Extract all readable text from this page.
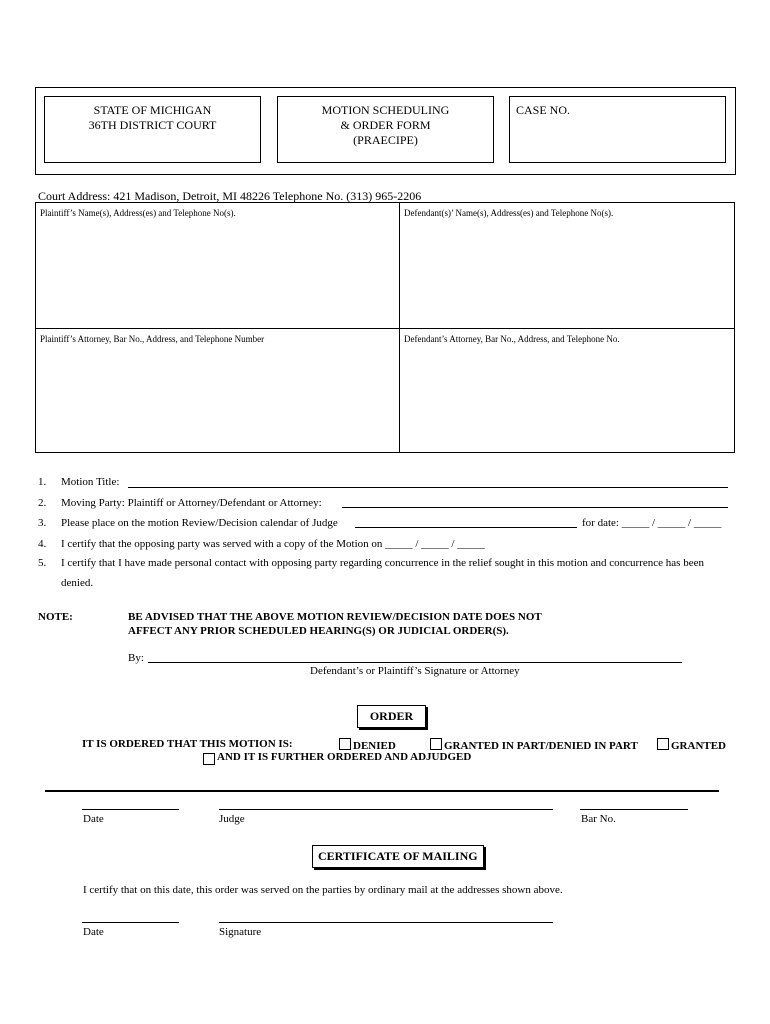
STATE OF MICHIGAN
36TH DISTRICT COURT
MOTION SCHEDULING
& ORDER FORM
(PRAECIPE)
CASE NO.
Court Address: 421 Madison, Detroit, MI 48226 Telephone No. (313) 965-2206
Plaintiff’s Name(s), Address(es) and Telephone No(s).	Defendant(s)’ Name(s), Address(es) and Telephone No(s).
Plaintiff’s Attorney, Bar No., Address, and Telephone Number	Defendant’s Attorney, Bar No., Address, and Telephone No.
1. Motion Title:
2. Moving Party: Plaintiff or Attorney/Defendant or Attorney:
3. Please place on the motion Review/Decision calendar of Judge	for date: _____ / _____ / _____
4. I certify that the opposing party was served with a copy of the Motion on _____ / _____ / _____
5. I certify that I have made personal contact with opposing party regarding concurrence in the relief sought in this motion and concurrence has been
denied.
NOTE:	BE ADVISED THAT THE ABOVE MOTION REVIEW/DECISION DATE DOES NOT
AFFECT ANY PRIOR SCHEDULED HEARING(S) OR JUDICIAL ORDER(S).
By:
Defendant’s or Plaintiff’s Signature or Attorney
ORDER
IT IS ORDERED THAT THIS MOTION IS:	DENIED	GRANTED IN PART/DENIED IN PART	GRANTED
AND IT IS FURTHER ORDERED AND ADJUDGED
Date	Judge	Bar No.
CERTIFICATE OF MAILING
I certify that on this date, this order was served on the parties by ordinary mail at the addresses shown above.
Date	Signature
